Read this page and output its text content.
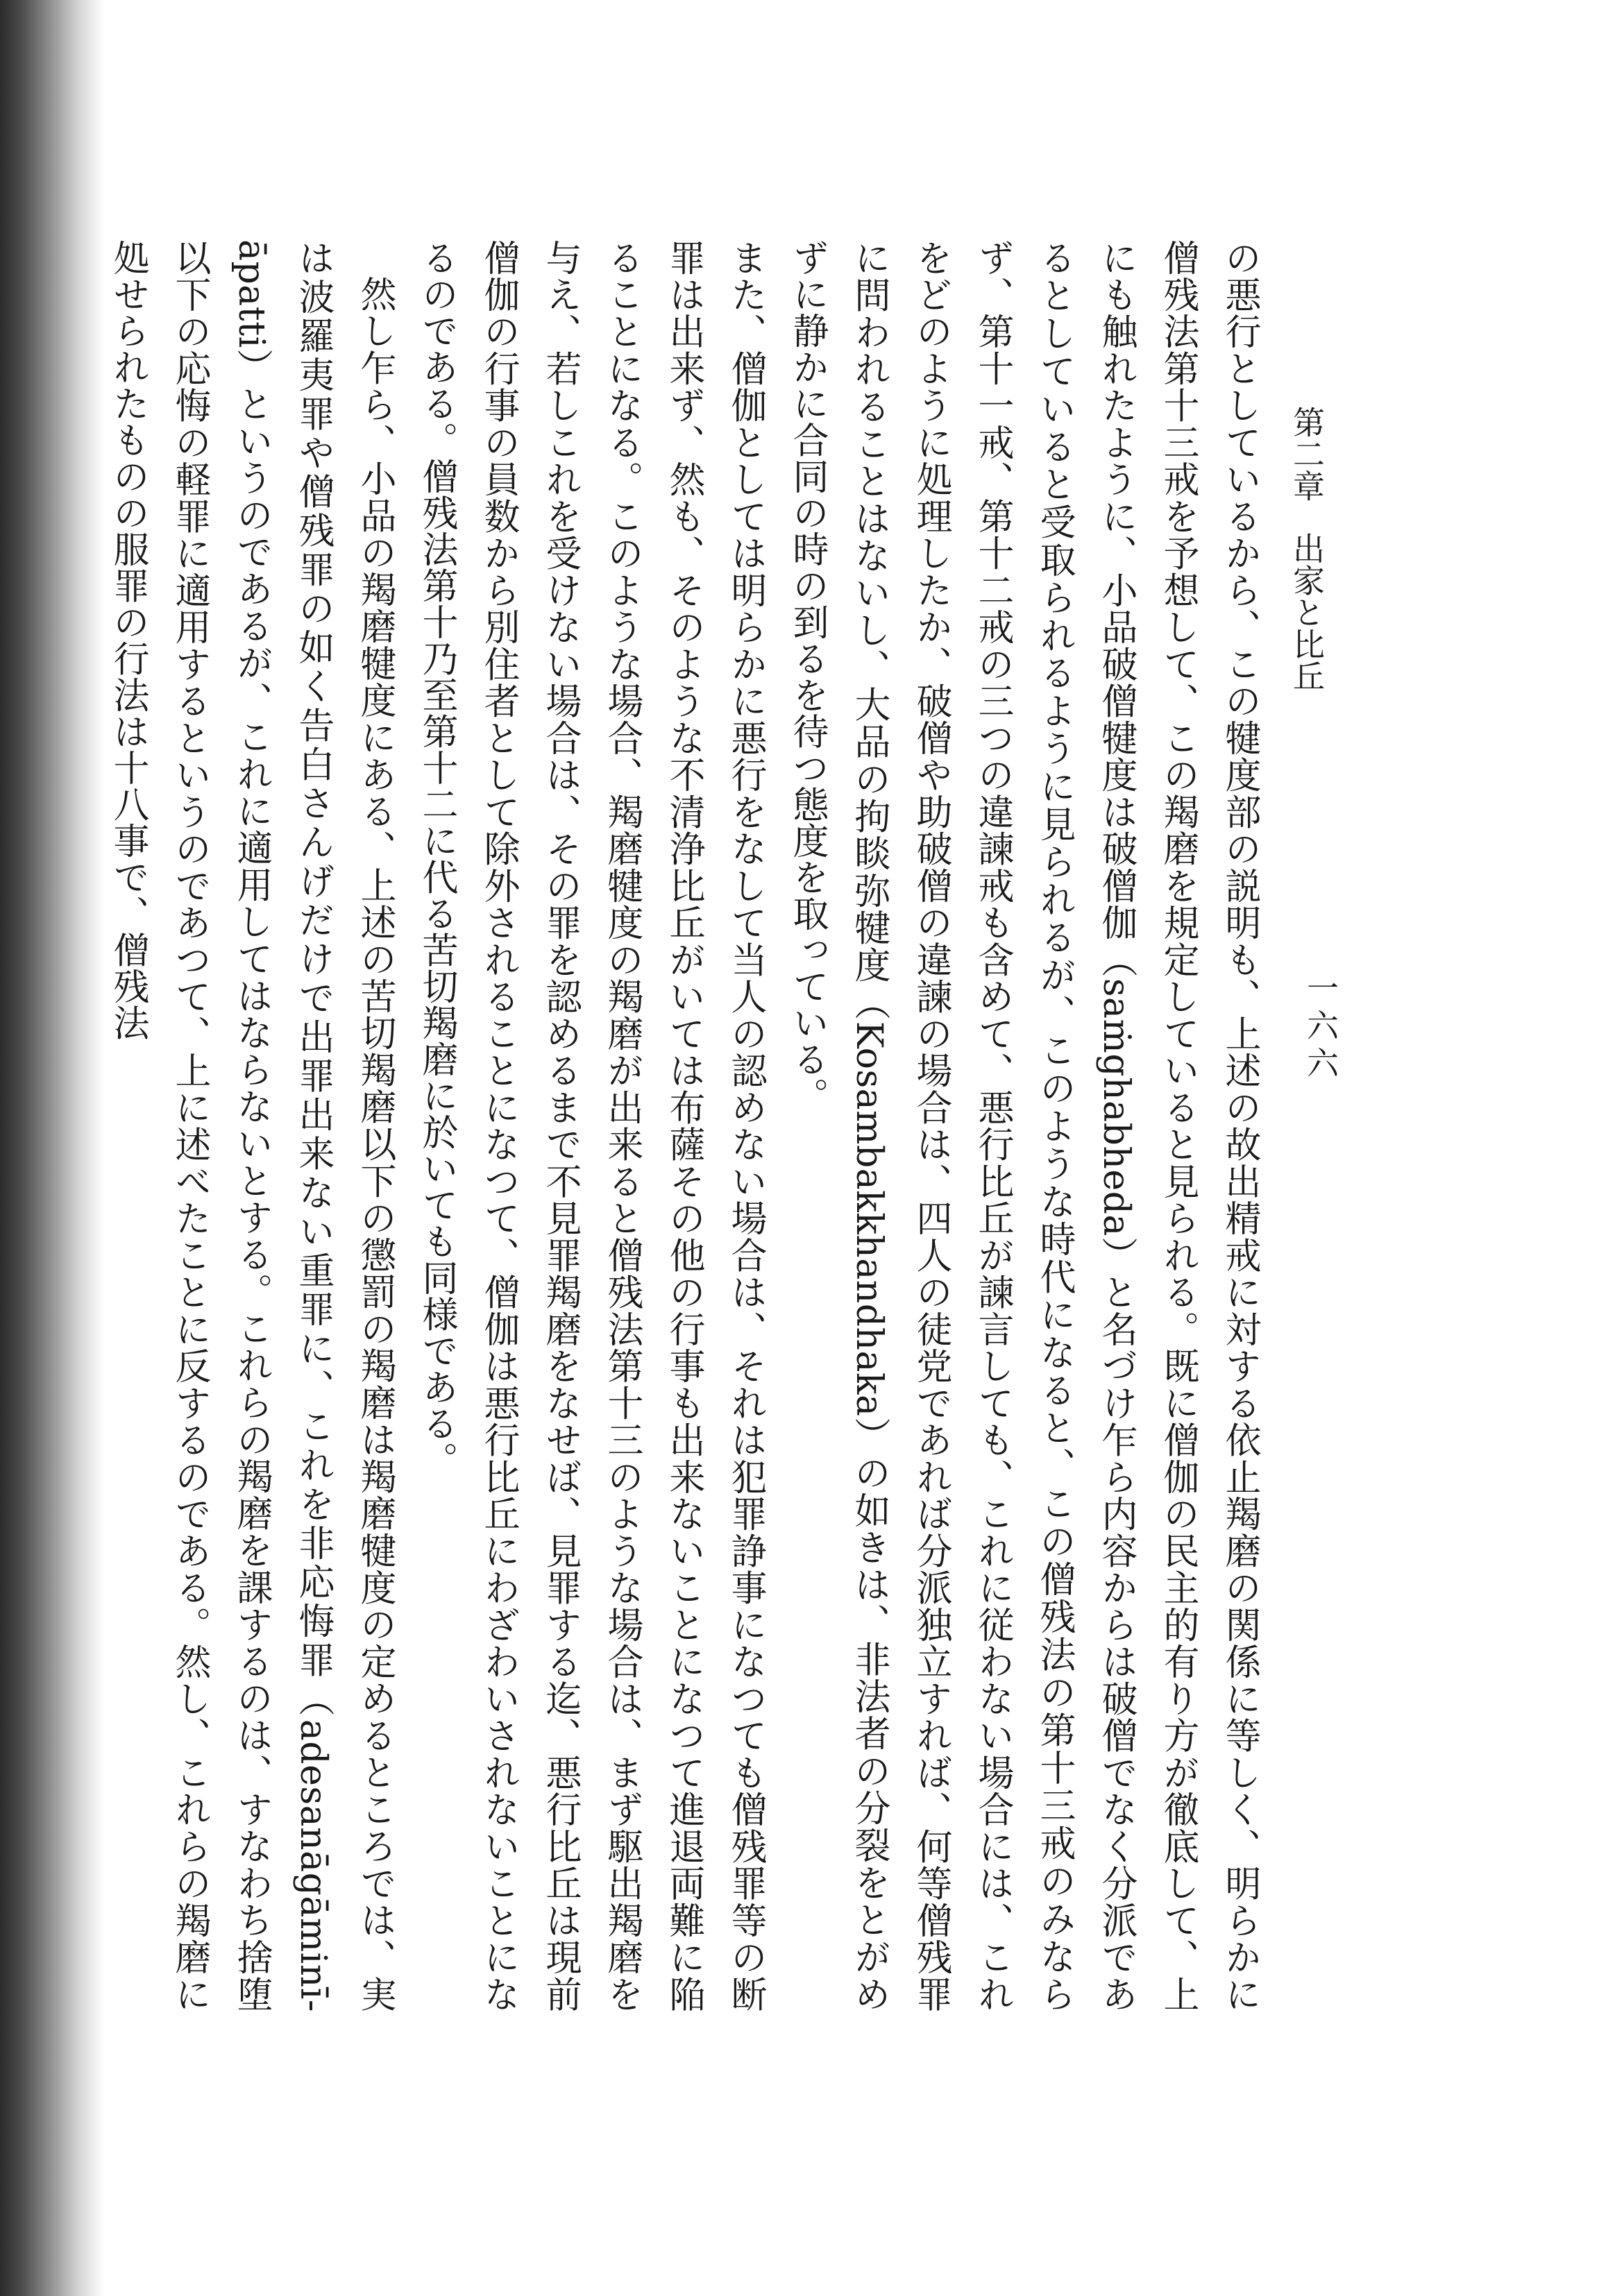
一六六
第二章出家と比丘

の悪行としているから、この犍度部の説明も、上述の故出精戒に対する依止羯磨の関係に等しく、明らかに僧残法第十三戒を予想して、この羯磨を規定していると見られる。既に僧伽の民主的有り方が徹底して、上にも触れたように、小品破僧犍度は破僧伽（saṁghabheda）と名づけ乍ら内容からは破僧でなく分派であるとしていると受取られるように見られるが、このような時代になると、この僧残法の第十三戒のみならず、第十一戒、第十二戒の三つの違諫戒も含めて、悪行比丘が諫言しても、これに従わない場合には、これをどのように処理したか、破僧や助破僧の違諫の場合は、四人の徒党であれば分派独立すれば、何等僧残罪に問われることはないし、大品の拘睒弥犍度（Kosambakkhandhaka）の如きは、非法者の分裂をとがめずに静かに合同の時の到るを待つ態度を取っている。

また、僧伽としては明らかに悪行をなして当人の認めない場合は、それは犯罪諍事になつても僧残罪等の断罪は出来ず、然も、そのような不清浄比丘がいては布薩その他の行事も出来ないことになつて進退両難に陥ることになる。このような場合、羯磨犍度の羯磨が出来ると僧残法第十三のような場合は、まず駆出羯磨を与え、若しこれを受けない場合は、その罪を認めるまで不見罪羯磨をなせば、見罪する迄、悪行比丘は現前僧伽の行事の員数から別住者として除外されることになつて、僧伽は悪行比丘にわざわいされないことになるのである。僧残法第十乃至第十二に代る苦切羯磨に於いても同様である。

然し乍ら、小品の羯磨犍度にある、上述の苦切羯磨以下の懲罰の羯磨は羯磨犍度の定めるところでは、実は波羅夷罪や僧残罪の如く告白さんげだけで出罪出来ない重罪に、これを非応悔罪（adesanāgāminī-āpatti）というのであるが、これに適用してはならないとする。これらの羯磨を課するのは、すなわち捨堕以下の応悔の軽罪に適用するというのであつて、上に述べたことに反するのである。然し、これらの羯磨に処せられたものの服罪の行法は十八事で、僧残法
